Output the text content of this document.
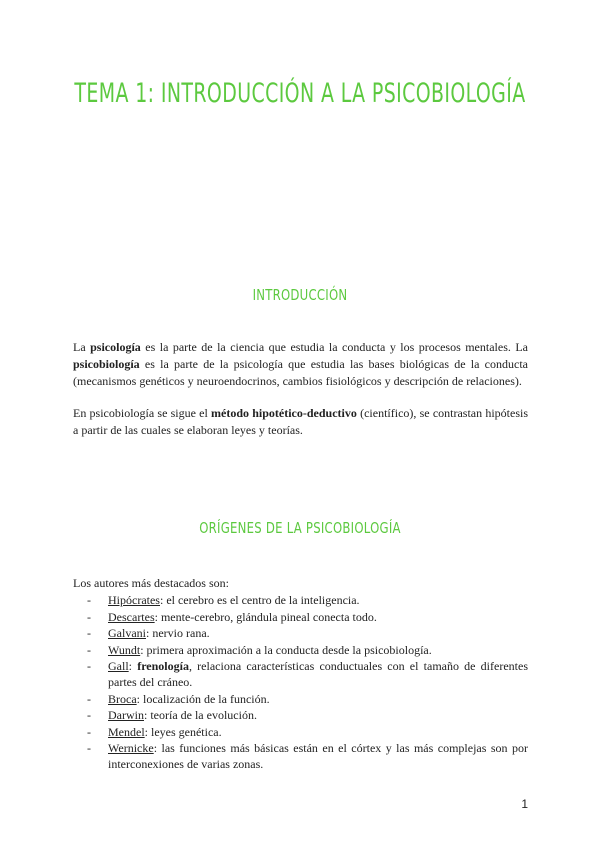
TEMA 1: INTRODUCCIÓN A LA PSICOBIOLOGÍA
INTRODUCCIÓN
La psicología es la parte de la ciencia que estudia la conducta y los procesos mentales. La psicobiología es la parte de la psicología que estudia las bases biológicas de la conducta (mecanismos genéticos y neuroendocrinos, cambios fisiológicos y descripción de relaciones).
En psicobiología se sigue el método hipotético-deductivo (científico), se contrastan hipótesis a partir de las cuales se elaboran leyes y teorías.
ORÍGENES DE LA PSICOBIOLOGÍA
Los autores más destacados son:
- Hipócrates: el cerebro es el centro de la inteligencia.
- Descartes: mente-cerebro, glándula pineal conecta todo.
- Galvani: nervio rana.
- Wundt: primera aproximación a la conducta desde la psicobiología.
- Gall: frenología, relaciona características conductuales con el tamaño de diferentes partes del cráneo.
- Broca: localización de la función.
- Darwin: teoría de la evolución.
- Mendel: leyes genética.
- Wernicke: las funciones más básicas están en el córtex y las más complejas son por interconexiones de varias zonas.
1
